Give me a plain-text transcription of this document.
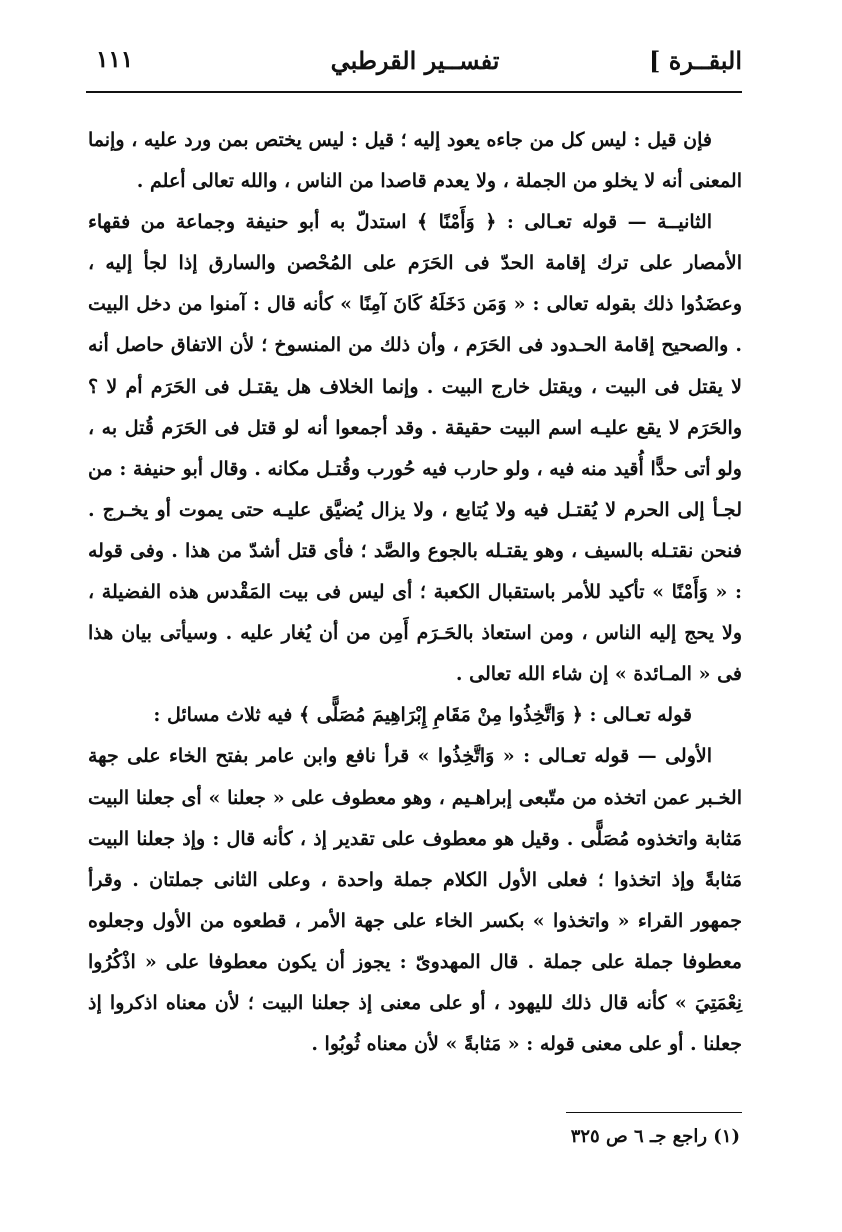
البقــرة ]
تفســير القرطبي
١١١

فإن قيل : ليس كل من جاءه يعود إليه ؛ قيل : ليس يختص بمن ورد عليه ، وإنما المعنى أنه لا يخلو من الجملة ، ولا يعدم قاصدا من الناس ، والله تعالى أعلم .

الثانيــة — قوله تعـالى : ﴿ وَأَمْنًا ﴾ استدلّ به أبو حنيفة وجماعة من فقهاء الأمصار على ترك إقامة الحدّ فى الحَرَم على المُحْصن والسارق إذا لجأ إليه ، وعضَدُوا ذلك بقوله تعالى : « وَمَن دَخَلَهُ كَانَ آمِنًا » كأنه قال : آمنوا من دخل البيت . والصحيح إقامة الحـدود فى الحَرَم ، وأن ذلك من المنسوخ ؛ لأن الاتفاق حاصل أنه لا يقتل فى البيت ، ويقتل خارج البيت . وإنما الخلاف هل يقتـل فى الحَرَم أم لا ؟ والحَرَم لا يقع عليـه اسم البيت حقيقة . وقد أجمعوا أنه لو قتل فى الحَرَم قُتل به ، ولو أتى حدًّا أُقيد منه فيه ، ولو حارب فيه حُورب وقُتـل مكانه . وقال أبو حنيفة : من لجـأ إلى الحرم لا يُقتـل فيه ولا يُتابع ، ولا يزال يُضيَّق عليـه حتى يموت أو يخـرج . فنحن نقتـله بالسيف ، وهو يقتـله بالجوع والصَّد ؛ فأى قتل أشدّ من هذا . وفى قوله : « وَأَمْنًا » تأكيد للأمر باستقبال الكعبة ؛ أى ليس فى بيت المَقْدس هذه الفضيلة ، ولا يحج إليه الناس ، ومن استعاذ بالحَـرَم أَمِن من أن يُغار عليه . وسيأتى بيان هذا فى « المـائدة » إن شاء الله تعالى .

قوله تعـالى : ﴿ وَاتَّخِذُوا مِنْ مَقَامِ إِبْرَاهِيمَ مُصَلًّى ﴾ فيه ثلاث مسائل :

الأولى — قوله تعـالى : « وَاتَّخِذُوا » قرأ نافع وابن عامر بفتح الخاء على جهة الخـبر عمن اتخذه من متّبعى إبراهـيم ، وهو معطوف على « جعلنا » أى جعلنا البيت مَثابة واتخذوه مُصَلًّى . وقيل هو معطوف على تقدير إذ ، كأنه قال : وإذ جعلنا البيت مَثابةً وإذ اتخذوا ؛ فعلى الأول الكلام جملة واحدة ، وعلى الثانى جملتان . وقرأ جمهور القراء « واتخذوا » بكسر الخاء على جهة الأمر ، قطعوه من الأول وجعلوه معطوفا جملة على جملة . قال المهدوىّ : يجوز أن يكون معطوفا على « اذْكُرُوا نِعْمَتِيَ » كأنه قال ذلك لليهود ، أو على معنى إذ جعلنا البيت ؛ لأن معناه اذكروا إذ جعلنا . أو على معنى قوله : « مَثابةً » لأن معناه ثُوبُوا .

(١) راجع جـ ٦ ص ٣٢٥
